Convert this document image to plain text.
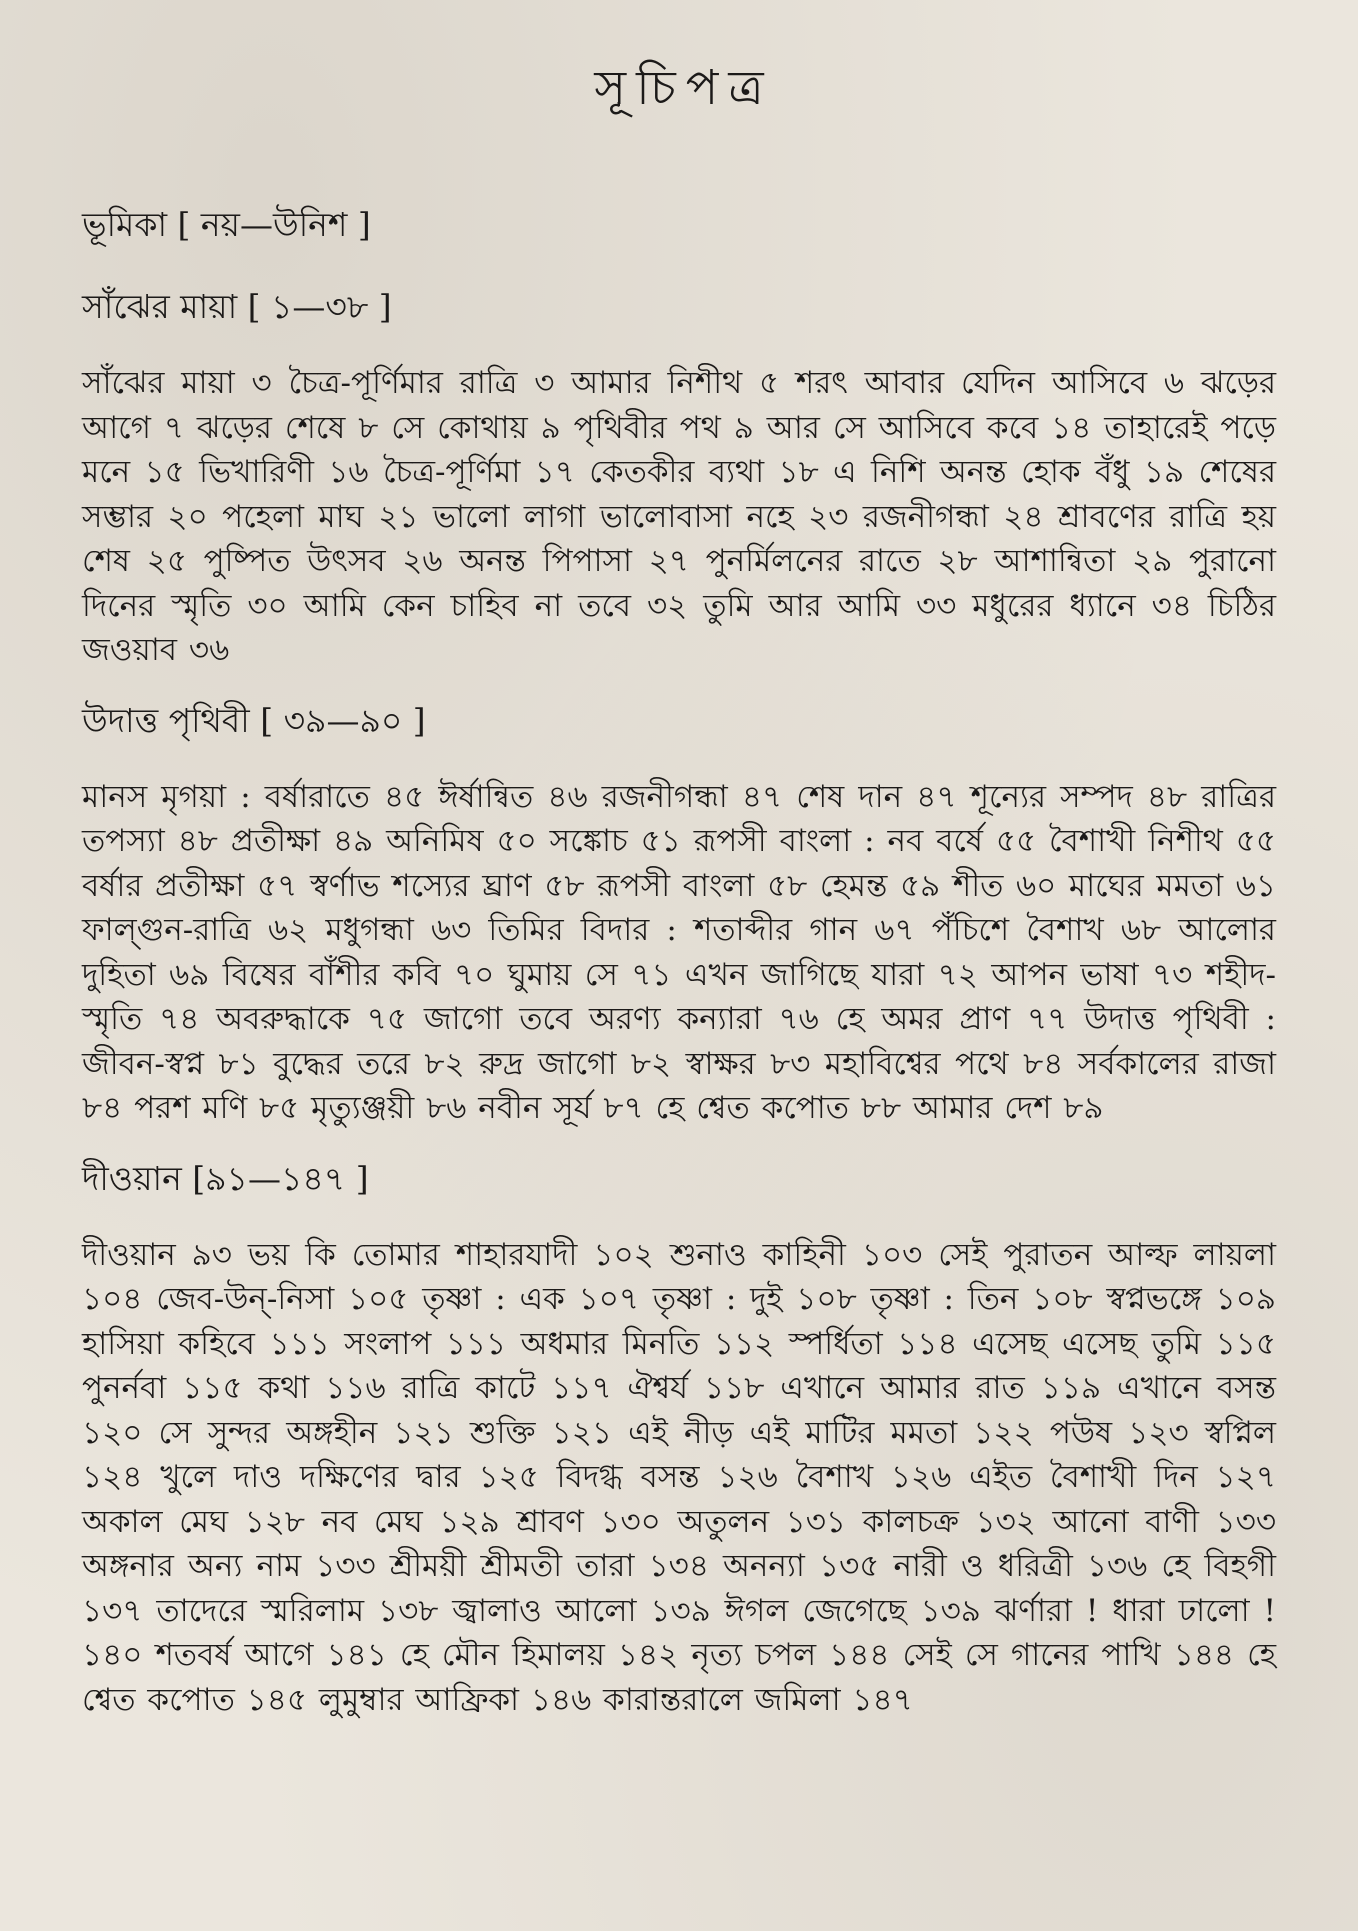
সূচিপত্র
ভূমিকা [ নয়—উনিশ ]
সাঁঝের মায়া [ ১—৩৮ ]
সাঁঝের মায়া ৩ চৈত্র-পূর্ণিমার রাত্রি ৩ আমার নিশীথ ৫ শরৎ আবার যেদিন আসিবে ৬ ঝড়ের আগে ৭ ঝড়ের শেষে ৮ সে কোথায় ৯ পৃথিবীর পথ ৯ আর সে আসিবে কবে ১৪ তাহারেই পড়ে মনে ১৫ ভিখারিণী ১৬ চৈত্র-পূর্ণিমা ১৭ কেতকীর ব্যথা ১৮ এ নিশি অনন্ত হোক বঁধু ১৯ শেষের সম্ভার ২০ পহেলা মাঘ ২১ ভালো লাগা ভালোবাসা নহে ২৩ রজনীগন্ধা ২৪ শ্রাবণের রাত্রি হয় শেষ ২৫ পুষ্পিত উৎসব ২৬ অনন্ত পিপাসা ২৭ পুনর্মিলনের রাতে ২৮ আশান্বিতা ২৯ পুরানো দিনের স্মৃতি ৩০ আমি কেন চাহিব না তবে ৩২ তুমি আর আমি ৩৩ মধুরের ধ্যানে ৩৪ চিঠির জওয়াব ৩৬
উদাত্ত পৃথিবী [ ৩৯—৯০ ]
মানস মৃগয়া : বর্ষারাতে ৪৫ ঈর্ষান্বিত ৪৬ রজনীগন্ধা ৪৭ শেষ দান ৪৭ শূন্যের সম্পদ ৪৮ রাত্রির তপস্যা ৪৮ প্রতীক্ষা ৪৯ অনিমিষ ৫০ সঙ্কোচ ৫১ রূপসী বাংলা : নব বর্ষে ৫৫ বৈশাখী নিশীথ ৫৫ বর্ষার প্রতীক্ষা ৫৭ স্বর্ণাভ শস্যের ঘ্রাণ ৫৮ রূপসী বাংলা ৫৮ হেমন্ত ৫৯ শীত ৬০ মাঘের মমতা ৬১ ফাল্গুন-রাত্রি ৬২ মধুগন্ধা ৬৩ তিমির বিদার : শতাব্দীর গান ৬৭ পঁচিশে বৈশাখ ৬৮ আলোর দুহিতা ৬৯ বিষের বাঁশীর কবি ৭০ ঘুমায় সে ৭১ এখন জাগিছে যারা ৭২ আপন ভাষা ৭৩ শহীদ-স্মৃতি ৭৪ অবরুদ্ধাকে ৭৫ জাগো তবে অরণ্য কন্যারা ৭৬ হে অমর প্রাণ ৭৭ উদাত্ত পৃথিবী : জীবন-স্বপ্ন ৮১ বুদ্ধের তরে ৮২ রুদ্র জাগো ৮২ স্বাক্ষর ৮৩ মহাবিশ্বের পথে ৮৪ সর্বকালের রাজা ৮৪ পরশ মণি ৮৫ মৃত্যুঞ্জয়ী ৮৬ নবীন সূর্য ৮৭ হে শ্বেত কপোত ৮৮ আমার দেশ ৮৯
দীওয়ান [৯১—১৪৭ ]
দীওয়ান ৯৩ ভয় কি তোমার শাহারযাদী ১০২ শুনাও কাহিনী ১০৩ সেই পুরাতন আল্ফ লায়লা ১০৪ জেব-উন্-নিসা ১০৫ তৃষ্ণা : এক ১০৭ তৃষ্ণা : দুই ১০৮ তৃষ্ণা : তিন ১০৮ স্বপ্নভঙ্গে ১০৯ হাসিয়া কহিবে ১১১ সংলাপ ১১১ অধমার মিনতি ১১২ স্পর্ধিতা ১১৪ এসেছ এসেছ তুমি ১১৫ পুনর্নবা ১১৫ কথা ১১৬ রাত্রি কাটে ১১৭ ঐশ্বর্য ১১৮ এখানে আমার রাত ১১৯ এখানে বসন্ত ১২০ সে সুন্দর অঙ্গহীন ১২১ শুক্তি ১২১ এই নীড় এই মাটির মমতা ১২২ পউষ ১২৩ স্বপ্নিল ১২৪ খুলে দাও দক্ষিণের দ্বার ১২৫ বিদগ্ধ বসন্ত ১২৬ বৈশাখ ১২৬ এইত বৈশাখী দিন ১২৭ অকাল মেঘ ১২৮ নব মেঘ ১২৯ শ্রাবণ ১৩০ অতুলন ১৩১ কালচক্র ১৩২ আনো বাণী ১৩৩ অঙ্গনার অন্য নাম ১৩৩ শ্রীময়ী শ্রীমতী তারা ১৩৪ অনন্যা ১৩৫ নারী ও ধরিত্রী ১৩৬ হে বিহগী ১৩৭ তাদেরে স্মরিলাম ১৩৮ জ্বালাও আলো ১৩৯ ঈগল জেগেছে ১৩৯ ঝর্ণারা ! ধারা ঢালো ! ১৪০ শতবর্ষ আগে ১৪১ হে মৌন হিমালয় ১৪২ নৃত্য চপল ১৪৪ সেই সে গানের পাখি ১৪৪ হে শ্বেত কপোত ১৪৫ লুমুম্বার আফ্রিকা ১৪৬ কারান্তরালে জমিলা ১৪৭
